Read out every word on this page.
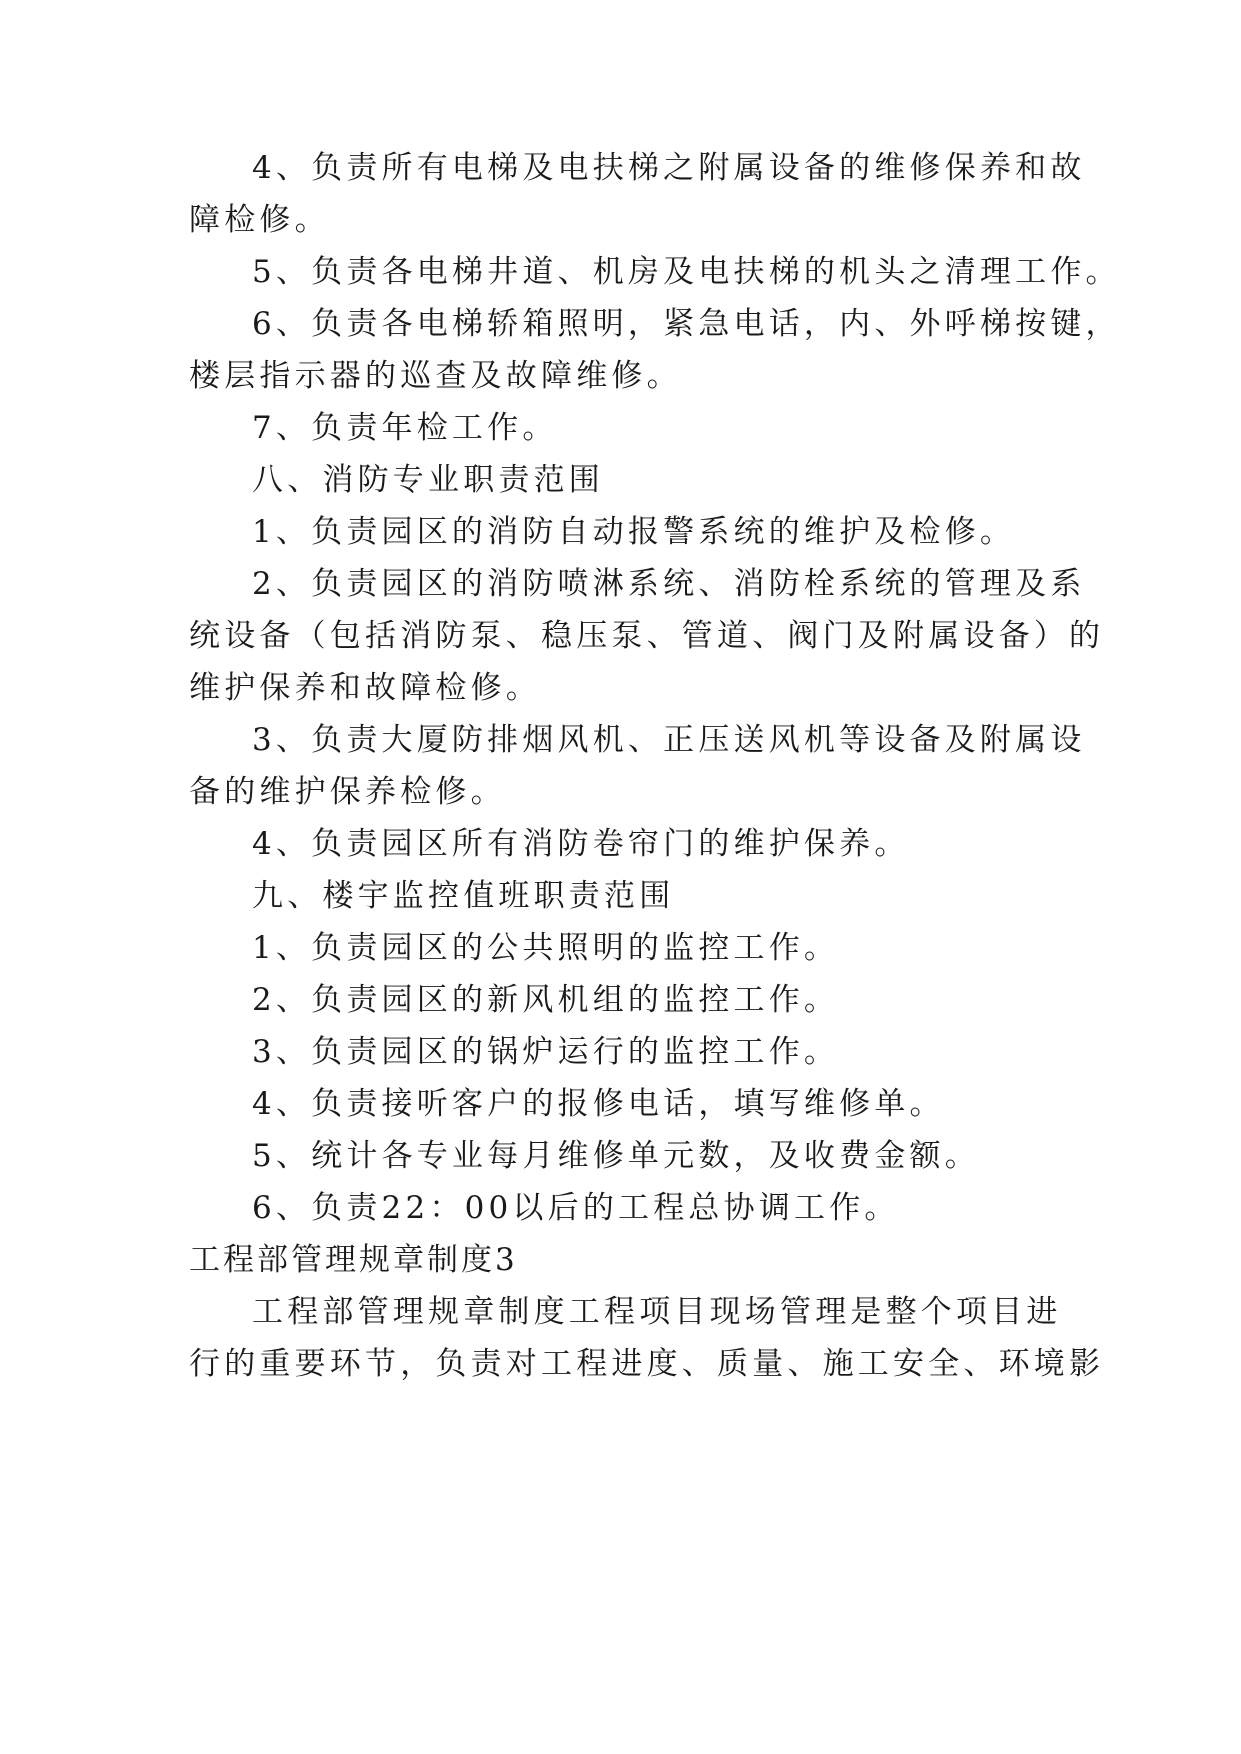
4、负责所有电梯及电扶梯之附属设备的维修保养和故
障检修。
5、负责各电梯井道、机房及电扶梯的机头之清理工作。
6、负责各电梯轿箱照明，紧急电话，内、外呼梯按键，
楼层指示器的巡查及故障维修。
7、负责年检工作。
八、消防专业职责范围
1、负责园区的消防自动报警系统的维护及检修。
2、负责园区的消防喷淋系统、消防栓系统的管理及系
统设备（包括消防泵、稳压泵、管道、阀门及附属设备）的
维护保养和故障检修。
3、负责大厦防排烟风机、正压送风机等设备及附属设
备的维护保养检修。
4、负责园区所有消防卷帘门的维护保养。
九、楼宇监控值班职责范围
1、负责园区的公共照明的监控工作。
2、负责园区的新风机组的监控工作。
3、负责园区的锅炉运行的监控工作。
4、负责接听客户的报修电话，填写维修单。
5、统计各专业每月维修单元数，及收费金额。
6、负责22：00以后的工程总协调工作。
工程部管理规章制度3
工程部管理规章制度工程项目现场管理是整个项目进
行的重要环节，负责对工程进度、质量、施工安全、环境影
